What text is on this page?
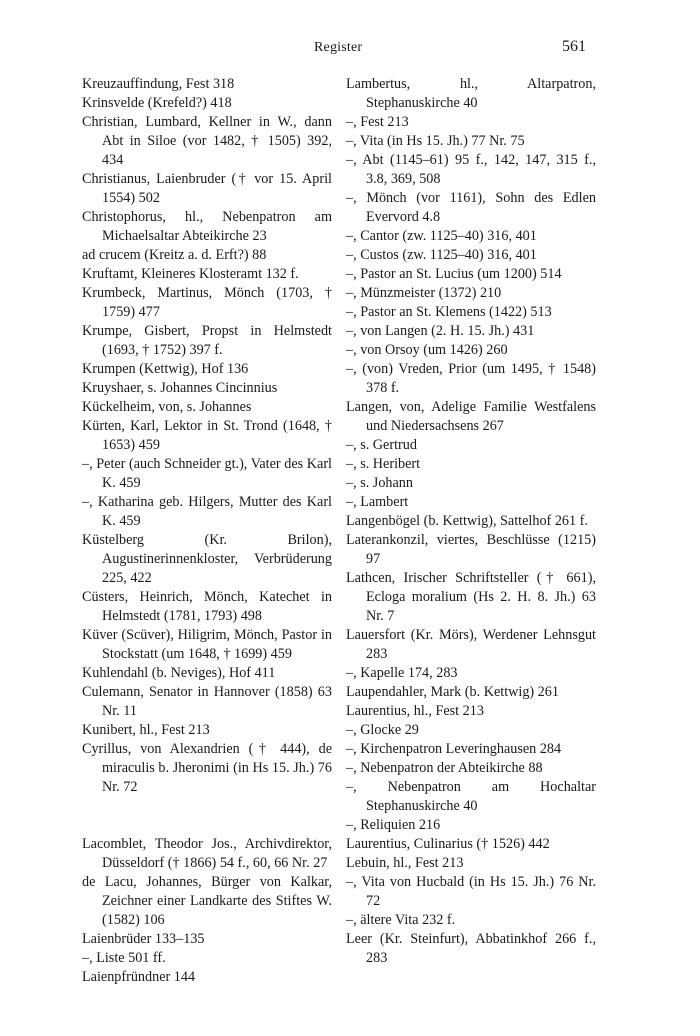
Register	561

Kreuzauffindung, Fest 318

Krinsvelde (Krefeld?) 418

Christian, Lumbard, Kellner in W., dann Abt in Siloe (vor 1482, † 1505) 392, 434

Christianus, Laienbruder († vor 15. April 1554) 502

Christophorus, hl., Nebenpatron am Michaelsaltar Abteikirche 23

ad crucem (Kreitz a. d. Erft?) 88

Kruftamt, Kleineres Klosteramt 132 f.

Krumbeck, Martinus, Mönch (1703, † 1759) 477

Krumpe, Gisbert, Propst in Helmstedt (1693, † 1752) 397 f.

Krumpen (Kettwig), Hof 136

Kruyshaer, s. Johannes Cincinnius

Kückelheim, von, s. Johannes

Kürten, Karl, Lektor in St. Trond (1648, † 1653) 459

–, Peter (auch Schneider gt.), Vater des Karl K. 459

–, Katharina geb. Hilgers, Mutter des Karl K. 459

Küstelberg (Kr. Brilon), Augustinerinnenkloster, Verbrüderung 225, 422

Cüsters, Heinrich, Mönch, Katechet in Helmstedt (1781, 1793) 498

Küver (Scüver), Hiligrim, Mönch, Pastor in Stockstatt (um 1648, † 1699) 459

Kuhlendahl (b. Neviges), Hof 411

Culemann, Senator in Hannover (1858) 63 Nr. 11

Kunibert, hl., Fest 213

Cyrillus, von Alexandrien († 444), de miraculis b. Jheronimi (in Hs 15. Jh.) 76 Nr. 72

Lacomblet, Theodor Jos., Archivdirektor, Düsseldorf († 1866) 54 f., 60, 66 Nr. 27

de Lacu, Johannes, Bürger von Kalkar, Zeichner einer Landkarte des Stiftes W. (1582) 106

Laienbrüder 133–135

–, Liste 501 ff.

Laienpfründner 144

Lambertus, hl., Altarpatron, Stephanuskirche 40

–, Fest 213

–, Vita (in Hs 15. Jh.) 77 Nr. 75

–, Abt (1145–61) 95 f., 142, 147, 315 f., 3.8, 369, 508

–, Mönch (vor 1161), Sohn des Edlen Evervord 4.8

–, Cantor (zw. 1125–40) 316, 401

–, Custos (zw. 1125–40) 316, 401

–, Pastor an St. Lucius (um 1200) 514

–, Münzmeister (1372) 210

–, Pastor an St. Klemens (1422) 513

–, von Langen (2. H. 15. Jh.) 431

–, von Orsoy (um 1426) 260

–, (von) Vreden, Prior (um 1495, † 1548) 378 f.

Langen, von, Adelige Familie Westfalens und Niedersachsens 267

–, s. Gertrud

–, s. Heribert

–, s. Johann

–, Lambert

Langenbögel (b. Kettwig), Sattelhof 261 f.

Laterankonzil, viertes, Beschlüsse (1215) 97

Lathcen, Irischer Schriftsteller († 661), Ecloga moralium (Hs 2. H. 8. Jh.) 63 Nr. 7

Lauersfort (Kr. Mörs), Werdener Lehnsgut 283

–, Kapelle 174, 283

Laupendahler, Mark (b. Kettwig) 261

Laurentius, hl., Fest 213

–, Glocke 29

–, Kirchenpatron Leveringhausen 284

–, Nebenpatron der Abteikirche 88

–, Nebenpatron am Hochaltar Stephanuskirche 40

–, Reliquien 216

Laurentius, Culinarius († 1526) 442

Lebuin, hl., Fest 213

–, Vita von Hucbald (in Hs 15. Jh.) 76 Nr. 72

–, ältere Vita 232 f.

Leer (Kr. Steinfurt), Abbatinkhof 266 f., 283
